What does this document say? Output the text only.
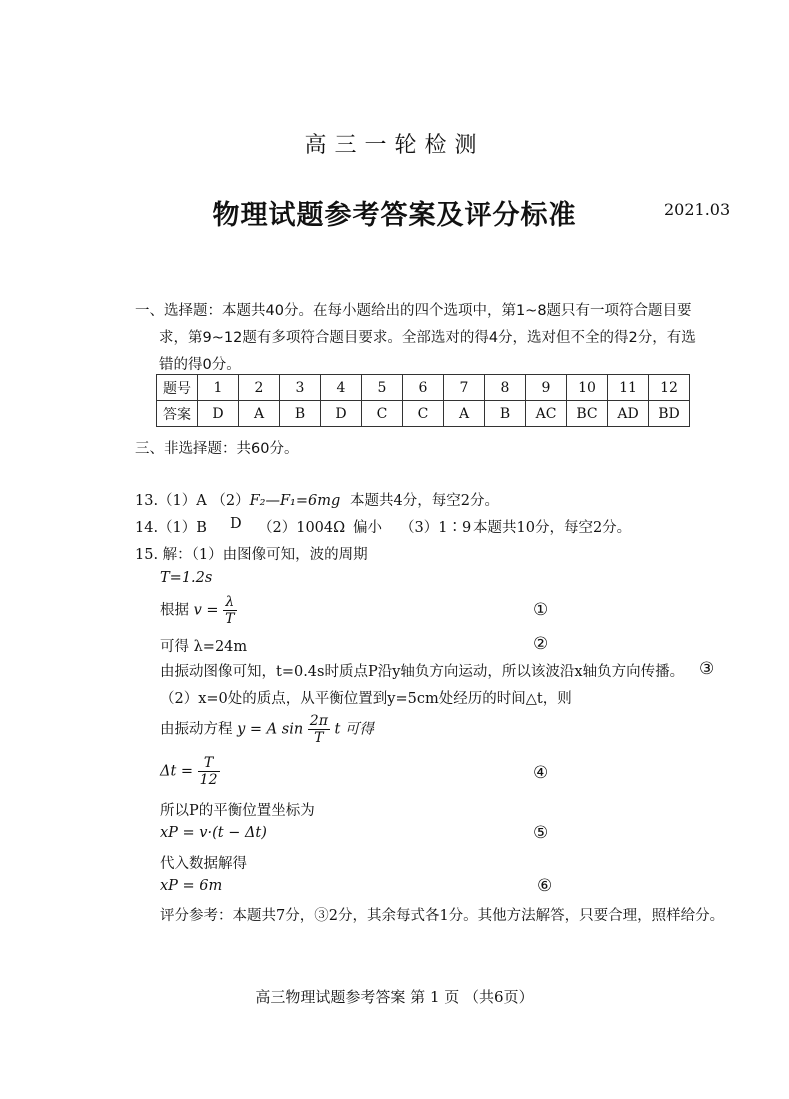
高三一轮检测
物理试题参考答案及评分标准	2021.03
一、选择题：本题共40分。在每小题给出的四个选项中，第1~8题只有一项符合题目要
求，第9~12题有多项符合题目要求。全部选对的得4分，选对但不全的得2分，有选
错的得0分。
题号	1	2	3	4	5	6	7	8	9	10	11	12
答案	D	A	B	D	C	C	A	B	AC	BC	AD	BD
三、非选择题：共60分。
13.（1）A （2）F₂—F₁=6mg 本题共4分，每空2分。
14.（1）B D （2）1004Ω 偏小 （3）1∶9 本题共10分，每空2分。
15. 解：（1）由图像可知，波的周期
T=1.2s
根据 $v = \frac{\lambda}{T}$	①
可得 λ=24m	②
由振动图像可知，t=0.4s时质点P沿y轴负方向运动，所以该波沿x轴负方向传播。 ③
（2）x=0处的质点，从平衡位置到y=5cm处经历的时间△t，则
由振动方程 y = A $\sin \frac{2\pi}{T}$ t 可得
$\Delta t = \frac{T}{12}$	④
所以P的平衡位置坐标为
xP = v·(t − Δt)	⑤
代入数据解得
xP = 6m	⑥
评分参考：本题共7分，③2分，其余每式各1分。其他方法解答，只要合理，照样给分。
高三物理试题参考答案 第 1 页 （共6页）
